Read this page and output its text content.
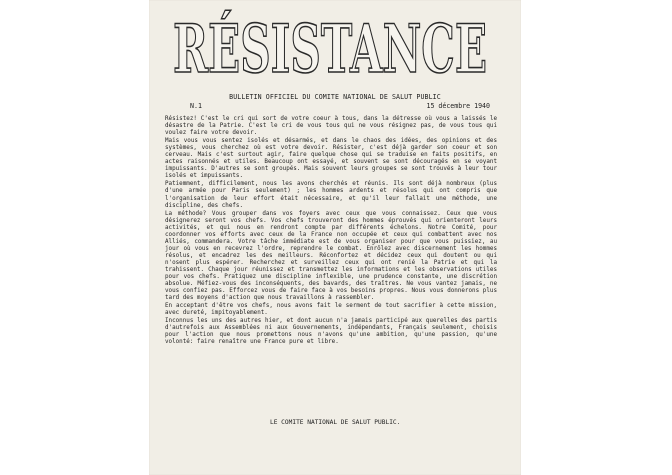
RÉSISTANCE
BULLETIN OFFICIEL DU COMITE NATIONAL DE SALUT PUBLIC
N.1	15 décembre 1940

Résistez! C'est le cri qui sort de votre coeur à tous, dans la détresse où vous a laissés le désastre de la Patrie. C'est le cri de vous tous qui ne vous résignez pas, de vous tous qui voulez faire votre devoir.

Mais vous vous sentez isolés et désarmés, et dans le chaos des idées, des opinions et des systèmes, vous cherchez où est votre devoir. Résister, c'est déjà garder son coeur et son cerveau. Mais c'est surtout agir, faire quelque chose qui se traduise en faits positifs, en actes raisonnés et utiles. Beaucoup ont essayé, et souvent se sont découragés en se voyant impuissants. D'autres se sont groupés. Mais souvent leurs groupes se sont trouvés à leur tour isolés et impuissants.

Patiemment, difficilement, nous les avons cherchés et réunis. Ils sont déjà nombreux (plus d'une armée pour Paris seulement) ; les hommes ardents et résolus qui ont compris que l'organisation de leur effort était nécessaire, et qu'il leur fallait une méthode, une discipline, des chefs.

La méthode? Vous grouper dans vos foyers avec ceux que vous connaissez. Ceux que vous désignerez seront vos chefs. Vos chefs trouveront des hommes éprouvés qui orienteront leurs activités, et qui nous en rendront compte par différents échelons. Notre Comité, pour coordonner vos efforts avec ceux de la France non occupée et ceux qui combattent avec nos Alliés, commandera. Votre tâche immédiate est de vous organiser pour que vous puissiez, au jour où vous en recevrez l'ordre, reprendre le combat. Enrôlez avec discernement les hommes résolus, et encadrez les des meilleurs. Réconfortez et décidez ceux qui doutent ou qui n'osent plus espérer. Recherchez et surveillez ceux qui ont renié la Patrie et qui la trahissent. Chaque jour réunissez et transmettez les informations et les observations utiles pour vos chefs. Pratiquez une discipline inflexible, une prudence constante, une discrétion absolue. Méfiez-vous des inconséquents, des bavards, des traîtres. Ne vous vantez jamais, ne vous confiez pas. Efforcez vous de faire face à vos besoins propres. Nous vous donnerons plus tard des moyens d'action que nous travaillons à rassembler.

En acceptant d'être vos chefs, nous avons fait le serment de tout sacrifier à cette mission, avec dureté, impitoyablement.

Inconnus les uns des autres hier, et dont aucun n'a jamais participé aux querelles des partis d'autrefois aux Assemblées ni aux Gouvernements, indépendants, Français seulement, choisis pour l'action que nous promettons nous n'avons qu'une ambition, qu'une passion, qu'une volonté: faire renaître une France pure et libre.

LE COMITE NATIONAL DE SALUT PUBLIC.
